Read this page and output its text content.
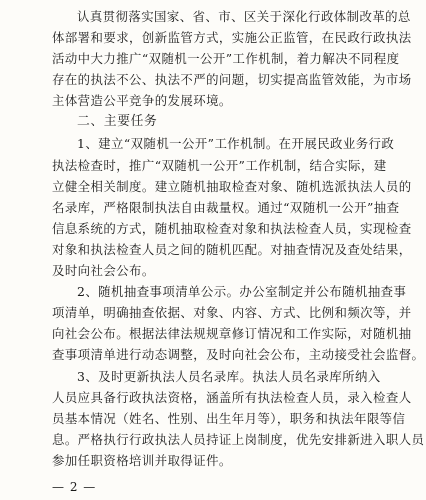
认真贯彻落实国家、省、市、区关于深化行政体制改革的总
体部署和要求，创新监管方式，实施公正监管，在民政行政执法
活动中大力推广“双随机一公开”工作机制，着力解决不同程度
存在的执法不公、执法不严的问题，切实提高监管效能，为市场
主体营造公平竞争的发展环境。

二、主要任务

1、建立“双随机一公开”工作机制。在开展民政业务行政
执法检查时，推广“双随机一公开”工作机制，结合实际，建
立健全相关制度。建立随机抽取检查对象、随机选派执法人员的
名录库，严格限制执法自由裁量权。通过“双随机一公开”抽查
信息系统的方式，随机抽取检查对象和执法检查人员，实现检查
对象和执法检查人员之间的随机匹配。对抽查情况及查处结果，
及时向社会公布。

2、随机抽查事项清单公示。办公室制定并公布随机抽查事
项清单，明确抽查依据、对象、内容、方式、比例和频次等，并
向社会公布。根据法律法规规章修订情况和工作实际，对随机抽
查事项清单进行动态调整，及时向社会公布，主动接受社会监督。

3、及时更新执法人员名录库。执法人员名录库所纳入
人员应具备行政执法资格，涵盖所有执法检查人员，录入检查人
员基本情况（姓名、性别、出生年月等），职务和执法年限等信
息。严格执行行政执法人员持证上岗制度，优先安排新进入职人员
参加任职资格培训并取得证件。

— 2 —
